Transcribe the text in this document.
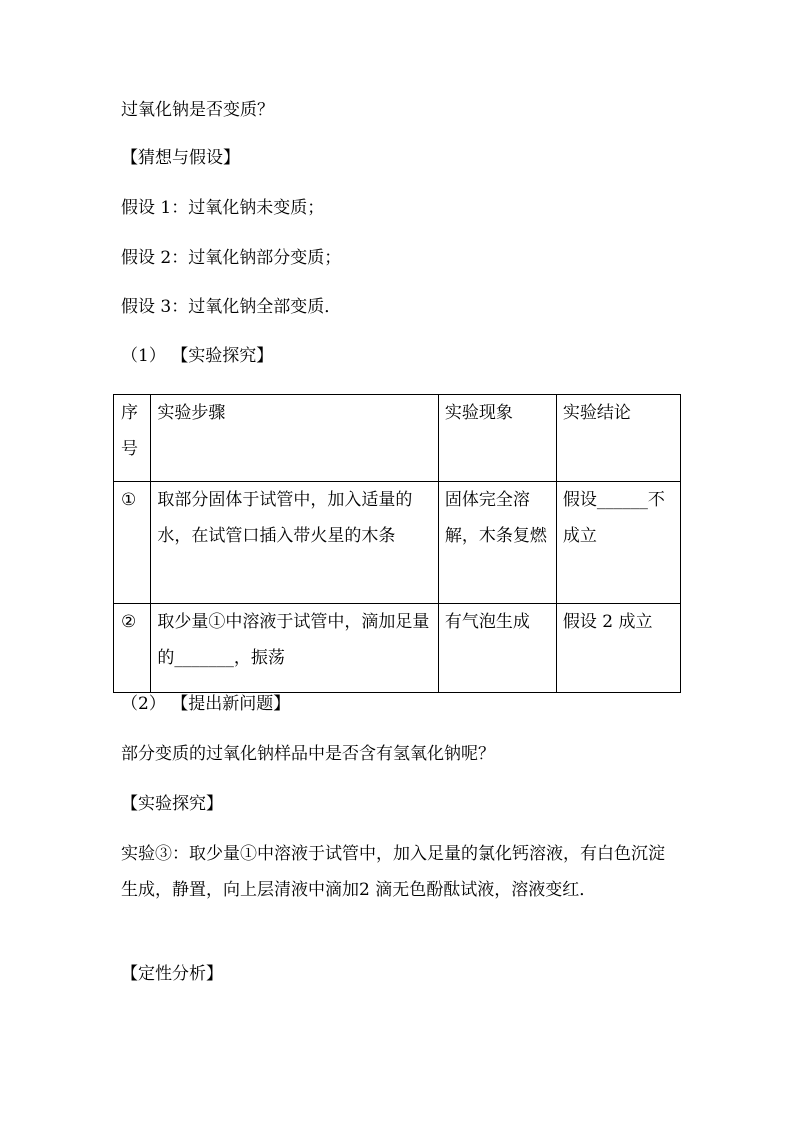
过氧化钠是否变质？
【猜想与假设】
假设 1：过氧化钠未变质；
假设 2：过氧化钠部分变质；
假设 3：过氧化钠全部变质．
（1） 【实验探究】
序号	实验步骤	实验现象	实验结论
①	取部分固体于试管中，加入适量的水，在试管口插入带火星的木条	固体完全溶解，木条复燃	假设______不成立
②	取少量①中溶液于试管中，滴加足量的_______，振荡	有气泡生成	假设 2 成立
（2） 【提出新问题】
部分变质的过氧化钠样品中是否含有氢氧化钠呢？
【实验探究】
实验③：取少量①中溶液于试管中，加入足量的氯化钙溶液，有白色沉淀生成，静置，向上层清液中滴加2 滴无色酚酞试液，溶液变红．
【定性分析】
